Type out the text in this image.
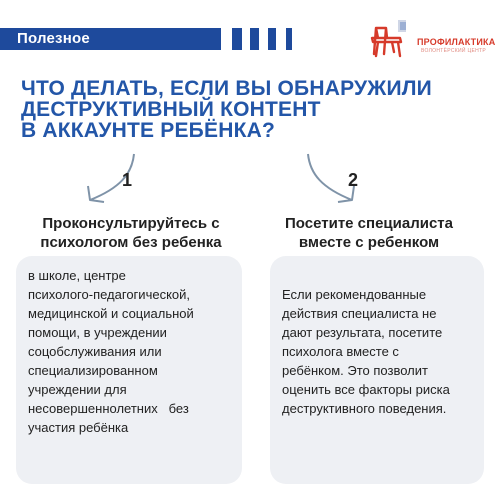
Полезное	ПРОФИЛАКТИКА
ВОЛОНТЁРСКИЙ ЦЕНТР
ЧТО ДЕЛАТЬ, ЕСЛИ ВЫ ОБНАРУЖИЛИ
ДЕСТРУКТИВНЫЙ КОНТЕНТ
В АККАУНТЕ РЕБЁНКА?
1	2
Проконсультируйтесь с
психологом без ребенка
Посетите специалиста
вместе с ребенком

в школе, центре
психолого-педагогической,
медицинской и социальной
помощи, в учреждении
соцобслуживания или
специализированном
учреждении для
несовершеннолетних   без
участия ребёнка

Если рекомендованные
действия специалиста не
дают результата, посетите
психолога вместе с
ребёнком. Это позволит
оценить все факторы риска
деструктивного поведения.
